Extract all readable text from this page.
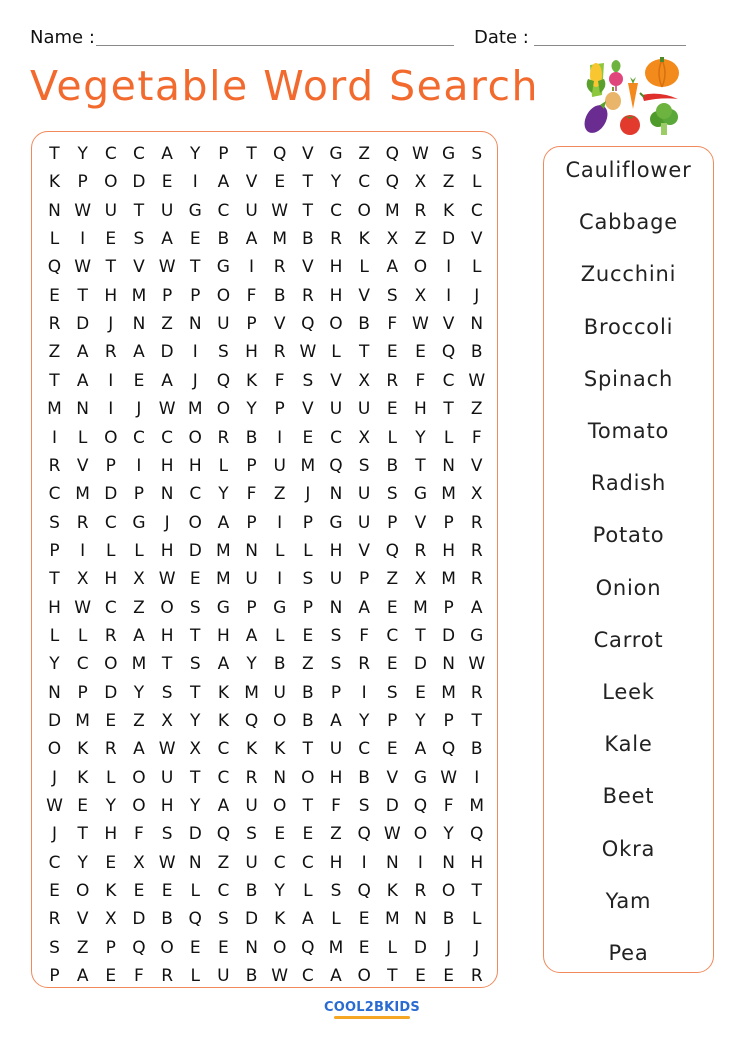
Name :	Date :
Vegetable Word Search
T	Y	C C A	Y	P	T Q V G Z Q W G S
K	P O D E	I	A V E	T	Y	C Q X Z	L
N W U T U G C U W T	C O M R K C
L	I	E	S A E B A M B R K X Z D V
Q W T	V W T G	I	R V H	L	A O	I	L
E	T H M P	P O F	B R H V S X	I	J
R D	J	N Z N U P	V Q O B	F W V N
Z A R A D	I	S H R W L	T	E	E Q B
T	A	I	E A	J	Q K	F	S V X R	F	C W
M N	I	J	W M O Y	P	V U U E H T	Z
I	L O C C O R B	I	E C X	L	Y	L	F
R V	P	I	H H	L	P U M Q S B	T N V
C M D P N C	Y	F	Z	J	N U S G M X
S R C G	J	O A	P	I	P G U P	V	P	R
P	I	L	L	H D M N	L	L	H V Q R H R
T	X H X W E M U	I	S U P	Z X M R
H W C Z O S G P G P N A E M P	A
L	L	R A H T H A	L	E	S	F	C	T D G
Y	C O M T	S A	Y	B Z S R E D N W
N P D Y	S	T	K M U B	P	I	S	E M R
D M E Z X	Y	K Q O B A	Y	P	Y	P	T
O K R A W X C K K	T U C E A Q B
J	K	L O U T	C R N O H B V G W	I
W E	Y O H Y	A U O T	F	S D Q F M
J	T H F	S D Q S	E	E Z Q W O Y Q
C	Y	E X W N Z U C C H	I	N	I	N H
E O K	E	E	L	C B	Y	L	S Q K R O T
R V X D B Q S D K A	L	E M N B	L
S Z	P Q O E	E N O Q M E	L D	J	J
P	A E	F	R	L	U B W C A O T	E	E R
Cauliflower
Cabbage
Zucchini
Broccoli
Spinach
Tomato
Radish
Potato
Onion
Carrot
Leek
Kale
Beet
Okra
Yam
Pea
COOL2BKIDS
